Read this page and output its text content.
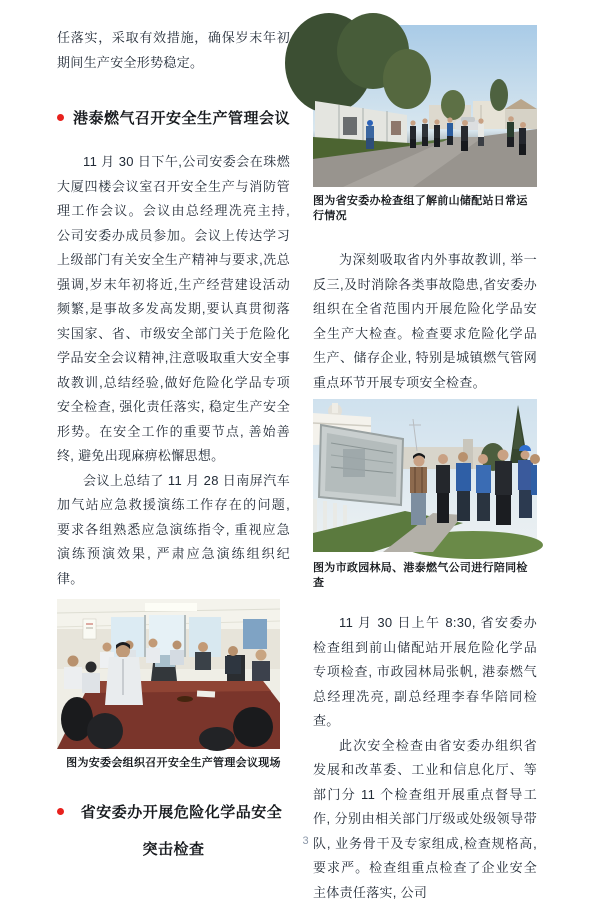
任落实，采取有效措施，确保岁末年初期间生产安全形势稳定。

港泰燃气召开安全生产管理会议

11 月 30 日下午,公司安委会在珠燃大厦四楼会议室召开安全生产与消防管理工作会议。会议由总经理冼亮主持, 公司安委办成员参加。会议上传达学习上级部门有关安全生产精神与要求,冼总强调,岁末年初将近,生产经营建设活动频繁,是事故多发高发期,要认真贯彻落实国家、省、市级安全部门关于危险化学品安全会议精神,注意吸取重大安全事故教训,总结经验,做好危险化学品专项安全检查, 强化责任落实, 稳定生产安全形势。在安全工作的重要节点, 善始善终, 避免出现麻痹松懈思想。

会议上总结了 11 月 28 日南屏汽车加气站应急救援演练工作存在的问题, 要求各组熟悉应急演练指令, 重视应急演练预演效果, 严肃应急演练组织纪律。

图为安委会组织召开安全生产管理会议现场
省安委办开展危险化学品安全
突击检查
图为省安委办检查组了解前山储配站日常运行情况

为深刻吸取省内外事故教训, 举一反三,及时消除各类事故隐患,省安委办组织在全省范围内开展危险化学品安全生产大检查。检查要求危险化学品生产、储存企业, 特别是城镇燃气管网重点环节开展专项安全检查。

图为市政园林局、港泰燃气公司进行陪同检查

11 月 30 日上午 8:30, 省安委办检查组到前山储配站开展危险化学品专项检查, 市政园林局张帆, 港泰燃气总经理冼亮, 副总经理李春华陪同检查。

此次安全检查由省安委办组织省发展和改革委、工业和信息化厅、等部门分 11 个检查组开展重点督导工作, 分别由相关部门厅级或处级领导带队, 业务骨干及专家组成,检查规格高,要求严。检查组重点检查了企业安全主体责任落实, 公司

3
